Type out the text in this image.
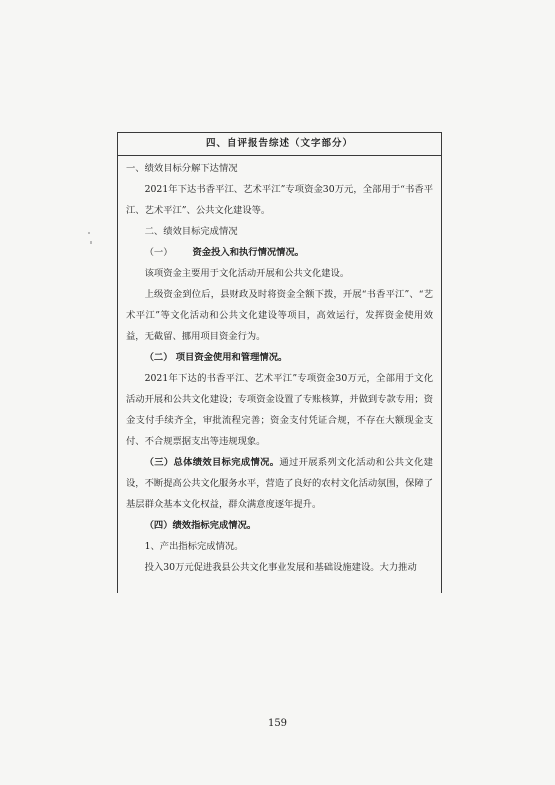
四、自评报告综述（文字部分）
一、绩效目标分解下达情况
2021年下达书香平江、艺术平江”专项资金30万元，全部用于“书香平江、艺术平江”、公共文化建设等。
二、绩效目标完成情况
（一） 资金投入和执行情况情况。
该项资金主要用于文化活动开展和公共文化建设。
上级资金到位后，县财政及时将资金全额下拨，开展“书香平江”、“艺术平江”等文化活动和公共文化建设等项目，高效运行，发挥资金使用效益，无截留、挪用项目资金行为。
（二） 项目资金使用和管理情况。
2021年下达的书香平江、艺术平江”专项资金30万元，全部用于文化活动开展和公共文化建设；专项资金设置了专账核算，并做到专款专用；资金支付手续齐全，审批流程完善；资金支付凭证合规，不存在大额现金支付、不合规票据支出等违规现象。
（三）总体绩效目标完成情况。通过开展系列文化活动和公共文化建设，不断提高公共文化服务水平，营造了良好的农村文化活动氛围，保障了基层群众基本文化权益，群众满意度逐年提升。
（四）绩效指标完成情况。
1、产出指标完成情况。
投入30万元促进我县公共文化事业发展和基础设施建设。大力推动
159
